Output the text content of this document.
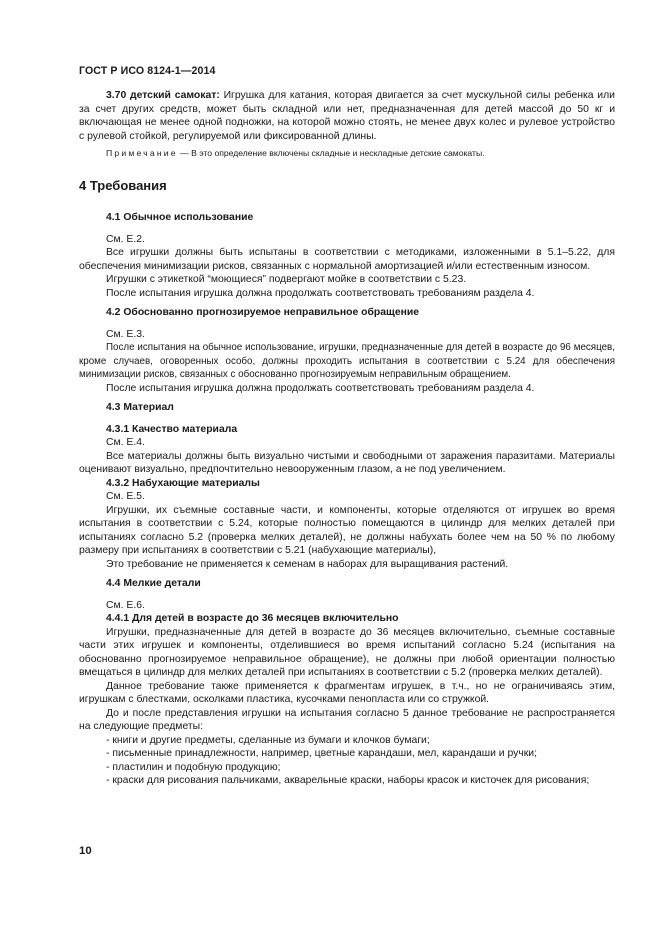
ГОСТ Р ИСО 8124-1—2014

3.70 детский самокат: Игрушка для катания, которая двигается за счет мускульной силы ребенка или за счет других средств, может быть складной или нет, предназначенная для детей массой до 50 кг и включающая не менее одной подножки, на которой можно стоять, не менее двух колес и рулевое устройство с рулевой стойкой, регулируемой или фиксированной длины.

Примечание — В это определение включены складные и нескладные детские самокаты.

4 Требования

4.1 Обычное использование

См. Е.2.

Все игрушки должны быть испытаны в соответствии с методиками, изложенными в 5.1–5.22, для обеспечения минимизации рисков, связанных с нормальной амортизацией и/или естественным износом.

Игрушки с этикеткой “моющиеся” подвергают мойке в соответствии с 5.23.

После испытания игрушка должна продолжать соответствовать требованиям раздела 4.

4.2 Обоснованно прогнозируемое неправильное обращение

См. Е.3.

После испытания на обычное использование, игрушки, предназначенные для детей в возрасте до 96 месяцев, кроме случаев, оговоренных особо, должны проходить испытания в соответствии с 5.24 для обеспечения минимизации рисков, связанных с обоснованно прогнозируемым неправильным обращением.

После испытания игрушка должна продолжать соответствовать требованиям раздела 4.

4.3 Материал

4.3.1 Качество материала

См. Е.4.

Все материалы должны быть визуально чистыми и свободными от заражения паразитами. Материалы оценивают визуально, предпочтительно невооруженным глазом, а не под увеличением.

4.3.2 Набухающие материалы

См. Е.5.

Игрушки, их съемные составные части, и компоненты, которые отделяются от игрушек во время испытания в соответствии с 5.24, которые полностью помещаются в цилиндр для мелких деталей при испытаниях согласно 5.2 (проверка мелких деталей), не должны набухать более чем на 50 % по любому размеру при испытаниях в соответствии с 5.21 (набухающие материалы),

Это требование не применяется к семенам в наборах для выращивания растений.

4.4 Мелкие детали

См. Е.6.

4.4.1 Для детей в возрасте до 36 месяцев включительно

Игрушки, предназначенные для детей в возрасте до 36 месяцев включительно, съемные составные части этих игрушек и компоненты, отделившиеся во время испытаний согласно 5.24 (испытания на обоснованно прогнозируемое неправильное обращение), не должны при любой ориентации полностью вмещаться в цилиндр для мелких деталей при испытаниях в соответствии с 5.2 (проверка мелких деталей).

Данное требование также применяется к фрагментам игрушек, в т.ч., но не ограничиваясь этим, игрушкам с блестками, осколками пластика, кусочками пенопласта или со стружкой.

До и после представления игрушки на испытания согласно 5 данное требование не распространяется на следующие предметы:

- книги и другие предметы, сделанные из бумаги и клочков бумаги;

- письменные принадлежности, например, цветные карандаши, мел, карандаши и ручки;

- пластилин и подобную продукцию;

- краски для рисования пальчиками, акварельные краски, наборы красок и кисточек для рисования;

10
